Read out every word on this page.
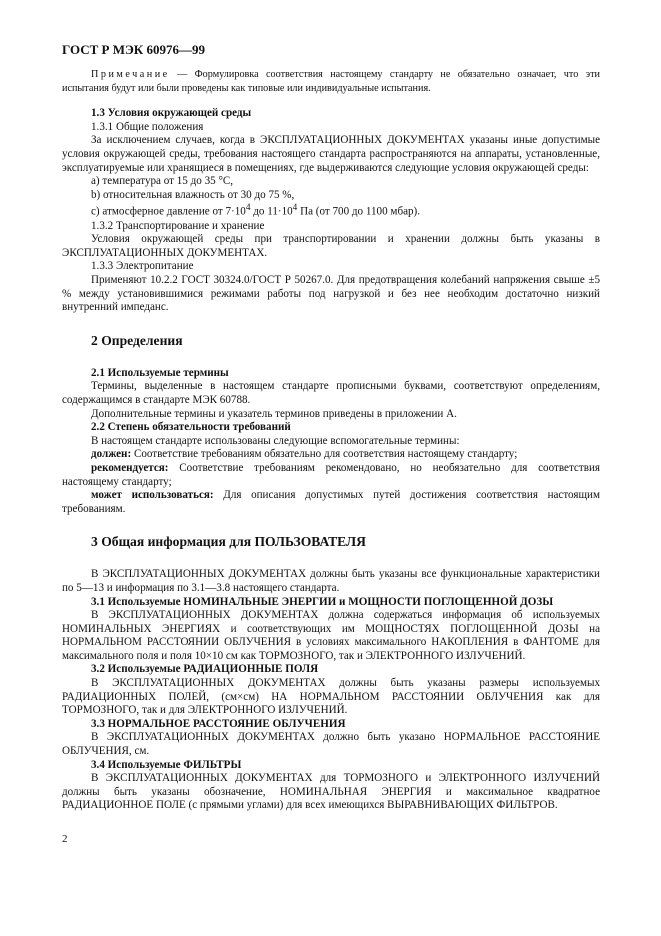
ГОСТ Р МЭК 60976—99

Примечание — Формулировка соответствия настоящему стандарту не обязательно означает, что эти испытания будут или были проведены как типовые или индивидуальные испытания.

1.3 Условия окружающей среды

1.3.1 Общие положения

За исключением случаев, когда в ЭКСПЛУАТАЦИОННЫХ ДОКУМЕНТАХ указаны иные допустимые условия окружающей среды, требования настоящего стандарта распространяются на аппараты, установленные, эксплуатируемые или хранящиеся в помещениях, где выдерживаются следующие условия окружающей среды:

a) температура от 15 до 35 °С,

b) относительная влажность от 30 до 75 %,

c) атмосферное давление от $7\cdot 10^4$ до $11\cdot 10^4$ Па (от 700 до 1100 мбар).

1.3.2 Транспортирование и хранение

Условия окружающей среды при транспортировании и хранении должны быть указаны в ЭКСПЛУАТАЦИОННЫХ ДОКУМЕНТАХ.

1.3.3 Электропитание

Применяют 10.2.2 ГОСТ 30324.0/ГОСТ Р 50267.0. Для предотвращения колебаний напряжения свыше ±5 % между установившимися режимами работы под нагрузкой и без нее необходим достаточно низкий внутренний импеданс.

2 Определения

2.1 Используемые термины

Термины, выделенные в настоящем стандарте прописными буквами, соответствуют определениям, содержащимся в стандарте МЭК 60788.

Дополнительные термины и указатель терминов приведены в приложении А.

2.2 Степень обязательности требований

В настоящем стандарте использованы следующие вспомогательные термины:

должен: Соответствие требованиям обязательно для соответствия настоящему стандарту;

рекомендуется: Соответствие требованиям рекомендовано, но необязательно для соответствия настоящему стандарту;

может использоваться: Для описания допустимых путей достижения соответствия настоящим требованиям.

3 Общая информация для ПОЛЬЗОВАТЕЛЯ

В ЭКСПЛУАТАЦИОННЫХ ДОКУМЕНТАХ должны быть указаны все функциональные характеристики по 5—13 и информация по 3.1—3.8 настоящего стандарта.

3.1 Используемые НОМИНАЛЬНЫЕ ЭНЕРГИИ и МОЩНОСТИ ПОГЛОЩЕННОЙ ДОЗЫ

В ЭКСПЛУАТАЦИОННЫХ ДОКУМЕНТАХ должна содержаться информация об используемых НОМИНАЛЬНЫХ ЭНЕРГИЯХ и соответствующих им МОЩНОСТЯХ ПОГЛОЩЕННОЙ ДОЗЫ на НОРМАЛЬНОМ РАССТОЯНИИ ОБЛУЧЕНИЯ в условиях максимального НАКОПЛЕНИЯ в ФАНТОМЕ для максимального поля и поля 10×10 см как ТОРМОЗНОГО, так и ЭЛЕКТРОННОГО ИЗЛУЧЕНИЙ.

3.2 Используемые РАДИАЦИОННЫЕ ПОЛЯ

В ЭКСПЛУАТАЦИОННЫХ ДОКУМЕНТАХ должны быть указаны размеры используемых РАДИАЦИОННЫХ ПОЛЕЙ, (см×см) НА НОРМАЛЬНОМ РАССТОЯНИИ ОБЛУЧЕНИЯ как для ТОРМОЗНОГО, так и для ЭЛЕКТРОННОГО ИЗЛУЧЕНИЙ.

3.3 НОРМАЛЬНОЕ РАССТОЯНИЕ ОБЛУЧЕНИЯ

В ЭКСПЛУАТАЦИОННЫХ ДОКУМЕНТАХ должно быть указано НОРМАЛЬНОЕ РАССТОЯНИЕ ОБЛУЧЕНИЯ, см.

3.4 Используемые ФИЛЬТРЫ

В ЭКСПЛУАТАЦИОННЫХ ДОКУМЕНТАХ для ТОРМОЗНОГО и ЭЛЕКТРОННОГО ИЗЛУЧЕНИЙ должны быть указаны обозначение, НОМИНАЛЬНАЯ ЭНЕРГИЯ и максимальное квадратное РАДИАЦИОННОЕ ПОЛЕ (с прямыми углами) для всех имеющихся ВЫРАВНИВАЮЩИХ ФИЛЬТРОВ.

2
